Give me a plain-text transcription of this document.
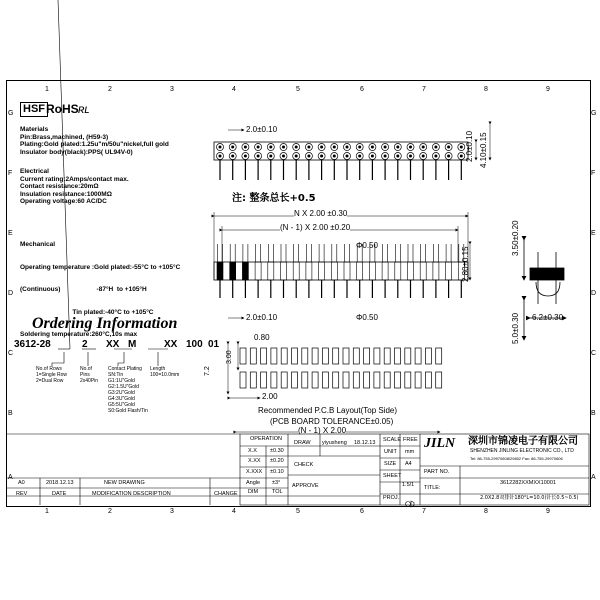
1
1
2
2
3
3
4
4
5
5
6
6
7
7
8
8
9
9
G	G
F	F
E	E
D	D
C	C
B	B
A	A
HSF RoHS ʀʟ
Materials
Pin:Brass,machined, (H59-3)
Plating:Gold plated:1.25u"m/50u"nickel,full gold
Insulator body(black):PPS( UL94V-0)
Electrical
Current rating:2Amps/contact max.
Contact resistance:20mΩ
Insulation resistance:1000MΩ
Operating voltage:60 AC/DC

Mechanical

Operating temperature :Gold plated:-55°C to +105°C

(Continuous)                    -87°H  to +105°H

Tin plated:-40°C to +105°C

Soldering temperature:260°C,10s max

Ordering Information
3612-28	2 XX M	XX 100 01
No.of Rows
1=Single Row
2=Dual Row
No.of
Pins
2x40Pin
Contact Plating
SN:Tin
G1:1U"Gold
G2:1.5U"Gold
G3:2U"Gold
G4:3U"Gold
G5:5U"Gold
S0:Gold Flash/Tin
Length
100=10.0mm
2.0±0.10
2.0±0.10 4.10±0.15
注: 整条总长+0.5
N X 2.00 ±0.30
(N - 1) X 2.00 ±0.20
Φ0.50
2.80±0.15
3.50±0.20
2.0±0.10	Φ0.50	6.2±0.30
5.0±0.30
0.80
3.00
7.2
2.00
Recommended P.C.B Layout(Top Side)
(PCB BOARD TOLERANCE±0.05)
(N - 1) X 2.00
OPERATION
X.X ±0.30
X.XX ±0.20
X.XXX ±0.10
Angle ±3°
DIM	TOL
DRAW yiyusheng 18.12.13
CHECK
APPROVE
SCALE FREE
UNIT mm
SIZE A4
SHEET
1.5/1
PROJ.
JILN 深圳市锦凌电子有限公司
SHENZHEN JINLING ELECTRONIC CO., LTD
Tel: 86-755-29970608/29802 Fax: 86-755-29970606
PART NO.
3612282XXMXX10001
TITLE:
2.0X2.8双排针180°L=10.0(针长0.5~0.5)
A0	2018.12.13	NEW DRAWING
REV	DATE	MODIFICATION DESCRIPTION	CHANGE
